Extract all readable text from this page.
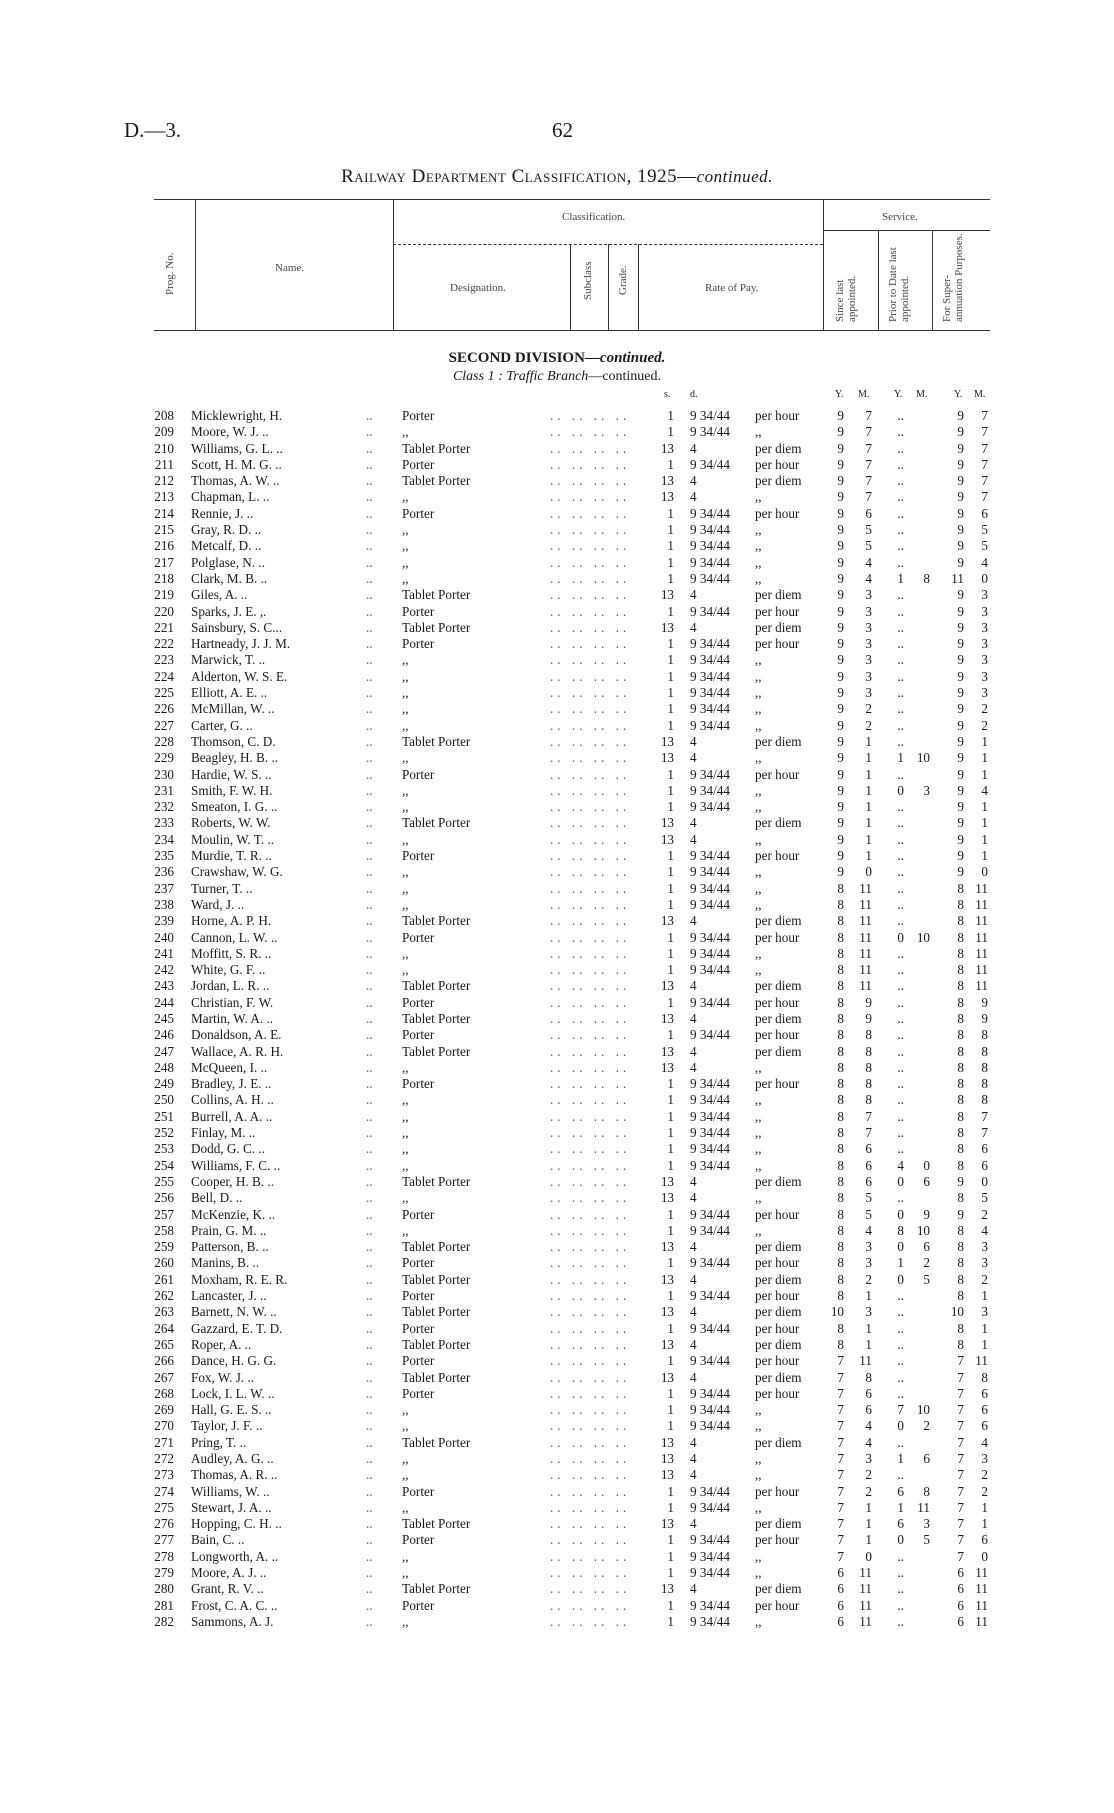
D.—3.	62
Railway Department Classification, 1925—continued.
Prog. No.	Name.
Classification.
Designation.	Subclass Grade.	Rate of Pay.
Service.
Since last appointed.	Prior to Date last appointed.	For Super-annuation Purposes.
SECOND DIVISION—continued.
Class 1 : Traffic Branch—continued.
s. d.	Y. M. Y. M.	Y. M.
208 Micklewright, H.	.. Porter	.. .. .. ..	1 9 34/44 per hour	9	7	..	9	7
209 Moore, W. J. ..	.. ,,	.. .. .. ..	1 9 34/44 ,,	9	7	..	9	7
210 Williams, G. L. ..	.. Tablet Porter	.. .. .. ..	13 4	per diem	9	7	..	9	7
211 Scott, H. M. G. ..	.. Porter	.. .. .. ..	1 9 34/44 per hour	9	7	..	9	7
212 Thomas, A. W. ..	.. Tablet Porter	.. .. .. ..	13 4	per diem	9	7	..	9	7
213 Chapman, L. ..	.. ,,	.. .. .. ..	13 4	,,	9	7	..	9	7
214 Rennie, J. ..	.. Porter	.. .. .. ..	1 9 34/44 per hour	9	6	..	9	6
215 Gray, R. D. ..	.. ,,	.. .. .. ..	1 9 34/44 ,,	9	5	..	9	5
216 Metcalf, D. ..	.. ,,	.. .. .. ..	1 9 34/44 ,,	9	5	..	9	5
217 Polglase, N. ..	.. ,,	.. .. .. ..	1 9 34/44 ,,	9	4	..	9	4
218 Clark, M. B. ..	.. ,,	.. .. .. ..	1 9 34/44 ,,	9	4	1	8	11	0
219 Giles, A. ..	.. Tablet Porter	.. .. .. ..	13 4	per diem	9	3	..	9	3
220 Sparks, J. E. ,.	.. Porter	.. .. .. ..	1 9 34/44 per hour	9	3	..	9	3
221 Sainsbury, S. C...	.. Tablet Porter	.. .. .. ..	13 4	per diem	9	3	..	9	3
222 Hartneady, J. J. M.	.. Porter	.. .. .. ..	1 9 34/44 per hour	9	3	..	9	3
223 Marwick, T. ..	.. ,,	.. .. .. ..	1 9 34/44 ,,	9	3	..	9	3
224 Alderton, W. S. E.	.. ,,	.. .. .. ..	1 9 34/44 ,,	9	3	..	9	3
225 Elliott, A. E. ..	.. ,,	.. .. .. ..	1 9 34/44 ,,	9	3	..	9	3
226 McMillan, W. ..	.. ,,	.. .. .. ..	1 9 34/44 ,,	9	2	..	9	2
227 Carter, G. ..	.. ,,	.. .. .. ..	1 9 34/44 ,,	9	2	..	9	2
228 Thomson, C. D.	.. Tablet Porter	.. .. .. ..	13 4	per diem	9	1	..	9	1
229 Beagley, H. B. ..	.. ,,	.. .. .. ..	13 4	,,	9	1	1 10	9	1
230 Hardie, W. S. ..	.. Porter	.. .. .. ..	1 9 34/44 per hour	9	1	..	9	1
231 Smith, F. W. H.	.. ,,	.. .. .. ..	1 9 34/44 ,,	9	1	0	3	9	4
232 Smeaton, I. G. ..	.. ,,	.. .. .. ..	1 9 34/44 ,,	9	1	..	9	1
233 Roberts, W. W.	.. Tablet Porter	.. .. .. ..	13 4	per diem	9	1	..	9	1
234 Moulin, W. T. ..	.. ,,	.. .. .. ..	13 4	,,	9	1	..	9	1
235 Murdie, T. R. ..	.. Porter	.. .. .. ..	1 9 34/44 per hour	9	1	..	9	1
236 Crawshaw, W. G.	.. ,,	.. .. .. ..	1 9 34/44 ,,	9	0	..	9	0
237 Turner, T. ..	.. ,,	.. .. .. ..	1 9 34/44 ,,	8	11	..	8 11
238 Ward, J. ..	.. ,,	.. .. .. ..	1 9 34/44 ,,	8	11	..	8 11
239 Horne, A. P. H.	.. Tablet Porter	.. .. .. ..	13 4	per diem	8	11	..	8 11
240 Cannon, L. W. ..	.. Porter	.. .. .. ..	1 9 34/44 per hour	8	11	0 10	8 11
241 Moffitt, S. R. ..	.. ,,	.. .. .. ..	1 9 34/44 ,,	8	11	..	8 11
242 White, G. F. ..	.. ,,	.. .. .. ..	1 9 34/44 ,,	8	11	..	8 11
243 Jordan, L. R. ..	.. Tablet Porter	.. .. .. ..	13 4	per diem	8	11	..	8 11
244 Christian, F. W.	.. Porter	.. .. .. ..	1 9 34/44 per hour	8	9	..	8	9
245 Martin, W. A. ..	.. Tablet Porter	.. .. .. ..	13 4	per diem	8	9	..	8	9
246 Donaldson, A. E.	.. Porter	.. .. .. ..	1 9 34/44 per hour	8	8	..	8	8
247 Wallace, A. R. H.	.. Tablet Porter	.. .. .. ..	13 4	per diem	8	8	..	8	8
248 McQueen, I. ..	.. ,,	.. .. .. ..	13 4	,,	8	8	..	8	8
249 Bradley, J. E. ..	.. Porter	.. .. .. ..	1 9 34/44 per hour	8	8	..	8	8
250 Collins, A. H. ..	.. ,,	.. .. .. ..	1 9 34/44 ,,	8	8	..	8	8
251 Burrell, A. A. ..	.. ,,	.. .. .. ..	1 9 34/44 ,,	8	7	..	8	7
252 Finlay, M. ..	.. ,,	.. .. .. ..	1 9 34/44 ,,	8	7	..	8	7
253 Dodd, G. C. ..	.. ,,	.. .. .. ..	1 9 34/44 ,,	8	6	..	8	6
254 Williams, F. C. ..	.. ,,	.. .. .. ..	1 9 34/44 ,,	8	6	4	0	8	6
255 Cooper, H. B. ..	.. Tablet Porter	.. .. .. ..	13 4	per diem	8	6	0	6	9	0
256 Bell, D. ..	.. ,,	.. .. .. ..	13 4	,,	8	5	..	8	5
257 McKenzie, K. ..	.. Porter	.. .. .. ..	1 9 34/44 per hour	8	5	0	9	9	2
258 Prain, G. M. ..	.. ,,	.. .. .. ..	1 9 34/44 ,,	8	4	8 10	8	4
259 Patterson, B. ..	.. Tablet Porter	.. .. .. ..	13 4	per diem	8	3	0	6	8	3
260 Manins, B. ..	.. Porter	.. .. .. ..	1 9 34/44 per hour	8	3	1	2	8	3
261 Moxham, R. E. R.	.. Tablet Porter	.. .. .. ..	13 4	per diem	8	2	0	5	8	2
262 Lancaster, J. ..	.. Porter	.. .. .. ..	1 9 34/44 per hour	8	1	..	8	1
263 Barnett, N. W. ..	.. Tablet Porter	.. .. .. ..	13 4	per diem	10	3	..	10	3
264 Gazzard, E. T. D.	.. Porter	.. .. .. ..	1 9 34/44 per hour	8	1	..	8	1
265 Roper, A. ..	.. Tablet Porter	.. .. .. ..	13 4	per diem	8	1	..	8	1
266 Dance, H. G. G.	.. Porter	.. .. .. ..	1 9 34/44 per hour	7	11	..	7 11
267 Fox, W. J. ..	.. Tablet Porter	.. .. .. ..	13 4	per diem	7	8	..	7	8
268 Lock, I. L. W. ..	.. Porter	.. .. .. ..	1 9 34/44 per hour	7	6	..	7	6
269 Hall, G. E. S. ..	.. ,,	.. .. .. ..	1 9 34/44 ,,	7	6	7 10	7	6
270 Taylor, J. F. ..	.. ,,	.. .. .. ..	1 9 34/44 ,,	7	4	0	2	7	6
271 Pring, T. ..	.. Tablet Porter	.. .. .. ..	13 4	per diem	7	4	..	7	4
272 Audley, A. G. ..	.. ,,	.. .. .. ..	13 4	,,	7	3	1	6	7	3
273 Thomas, A. R. ..	.. ,,	.. .. .. ..	13 4	,,	7	2	..	7	2
274 Williams, W. ..	.. Porter	.. .. .. ..	1 9 34/44 per hour	7	2	6	8	7	2
275 Stewart, J. A. ..	.. ,,	.. .. .. ..	1 9 34/44 ,,	7	1	1	11	7	1
276 Hopping, C. H. ..	.. Tablet Porter	.. .. .. ..	13 4	per diem	7	1	6	3	7	1
277 Bain, C. ..	.. Porter	.. .. .. ..	1 9 34/44 per hour	7	1	0	5	7	6
278 Longworth, A. ..	.. ,,	.. .. .. ..	1 9 34/44 ,,	7	0	..	7	0
279 Moore, A. J. ..	.. ,,	.. .. .. ..	1 9 34/44 ,,	6	11	..	6 11
280 Grant, R. V. ..	.. Tablet Porter	.. .. .. ..	13 4	per diem	6	11	..	6 11
281 Frost, C. A. C. ..	.. Porter	.. .. .. ..	1 9 34/44 per hour	6	11	..	6 11
282 Sammons, A. J.	.. ,,	.. .. .. ..	1 9 34/44 ,,	6	11	..	6 11
